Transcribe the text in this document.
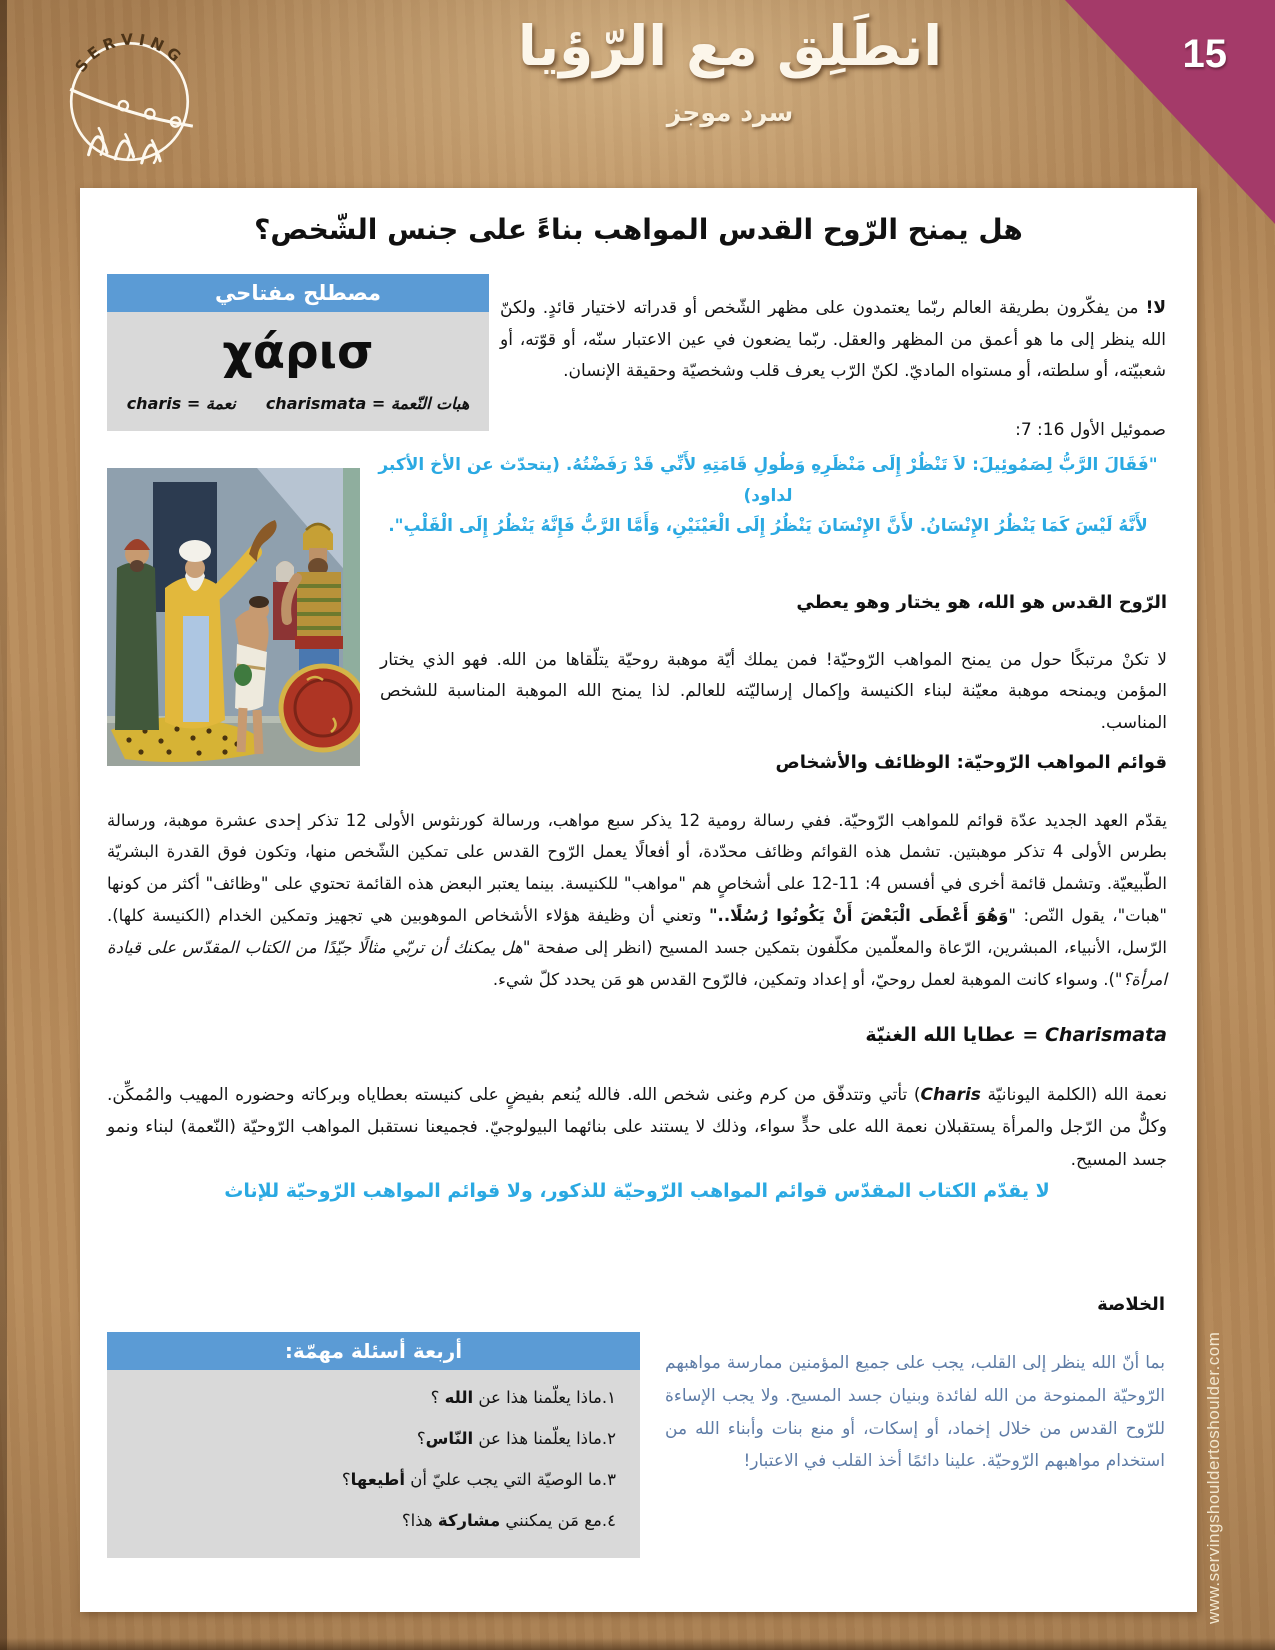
SERVING	انطَلِق مع الرّؤيا
سرد موجز
15
www.servingshouldertoshoulder.com
هل يمنح الرّوح القدس المواهب بناءً على جنس الشّخص؟
مصطلح مفتاحي
χάρισ
هبات النّعمة = charismata
نعمة = charis

لا! من يفكّرون بطريقة العالم ربّما يعتمدون على مظهر الشّخص أو قدراته لاختيار قائدٍ. ولكنّ الله ينظر إلى ما هو أعمق من المظهر والعقل. ربّما يضعون في عين الاعتبار سنّه، أو قوّته، أو شعبيّته، أو سلطته، أو مستواه الماديّ. لكنّ الرّب يعرف قلب وشخصيّة وحقيقة الإنسان.

صموئيل الأول 16: 7:
"فَقَالَ الرَّبُّ لِصَمُوئِيلَ: لاَ تَنْظُرْ إِلَى مَنْظَرِهِ وَطُولِ قَامَتِهِ لأَنِّي قَدْ رَفَضْتُهُ. (يتحدّث عن الأخ الأكبر لداود)
لأَنَّهُ لَيْسَ كَمَا يَنْظُرُ الإِنْسَانُ. لأَنَّ الإِنْسَانَ يَنْظُرُ إِلَى الْعَيْنَيْنِ، وَأَمَّا الرَّبُّ فَإِنَّهُ يَنْظُرُ إِلَى الْقَلْبِ".
الرّوح القدس هو الله، هو يختار وهو يعطي

لا تكنْ مرتبكًا حول من يمنح المواهب الرّوحيّة! فمن يملك أيّة موهبة روحيّة يتلّقاها من الله. فهو الذي يختار المؤمن ويمنحه موهبة معيّنة لبناء الكنيسة وإكمال إرساليّته للعالم. لذا يمنح الله الموهبة المناسبة للشخص المناسب.

قوائم المواهب الرّوحيّة: الوظائف والأشخاص

يقدّم العهد الجديد عدّة قوائم للمواهب الرّوحيّة. ففي رسالة رومية 12 يذكر سبع مواهب، ورسالة كورنثوس الأولى 12 تذكر إحدى عشرة موهبة، ورسالة بطرس الأولى 4 تذكر موهبتين. تشمل هذه القوائم وظائف محدّدة، أو أفعالًا يعمل الرّوح القدس على تمكين الشّخص منها، وتكون فوق القدرة البشريّة الطّبيعيّة. وتشمل قائمة أخرى في أفسس 4: 11-12 على أشخاصٍ هم "مواهب" للكنيسة. بينما يعتبر البعض هذه القائمة تحتوي على "وظائف" أكثر من كونها "هبات"، يقول النّص: "وَهُوَ أَعْطَى الْبَعْضَ أَنْ يَكُونُوا رُسُلًا.." وتعني أن وظيفة هؤلاء الأشخاص الموهوبين هي تجهيز وتمكين الخدام (الكنيسة كلها). الرّسل، الأنبياء، المبشرين، الرّعاة والمعلّمين مكلّفون بتمكين جسد المسيح (انظر إلى صفحة "هل يمكنك أن تربّي مثالًا جيّدًا من الكتاب المقدّس على قيادة امرأة؟"). وسواء كانت الموهبة لعمل روحيّ، أو إعداد وتمكين، فالرّوح القدس هو مَن يحدد كلّ شيء.

Charismata = عطايا الله الغنيّة

نعمة الله (الكلمة اليونانيّة Charis) تأتي وتتدفّق من كرم وغنى شخص الله. فالله يُنعم بفيضٍ على كنيسته بعطاياه وبركاته وحضوره المهيب والمُمكِّن. وكلٌّ من الرّجل والمرأة يستقبلان نعمة الله على حدٍّ سواء، وذلك لا يستند على بنائهما البيولوجيّ. فجميعنا نستقبل المواهب الرّوحيّة (النّعمة) لبناء ونمو جسد المسيح.

لا يقدّم الكتاب المقدّس قوائم المواهب الرّوحيّة للذكور، ولا قوائم المواهب الرّوحيّة للإناث
الخلاصة

بما أنّ الله ينظر إلى القلب، يجب على جميع المؤمنين ممارسة مواهبهم الرّوحيّة الممنوحة من الله لفائدة وبنيان جسد المسيح. ولا يجب الإساءة للرّوح القدس من خلال إخماد، أو إسكات، أو منع بنات وأبناء الله من استخدام مواهبهم الرّوحيّة. علينا دائمًا أخذ القلب في الاعتبار!

أربعة أسئلة مهمّة:
١.ماذا يعلّمنا هذا عن الله ؟
٢.ماذا يعلّمنا هذا عن النّاس؟
٣.ما الوصيّة التي يجب عليّ أن أطيعها؟
٤.مع مَن يمكنني مشاركة هذا؟
